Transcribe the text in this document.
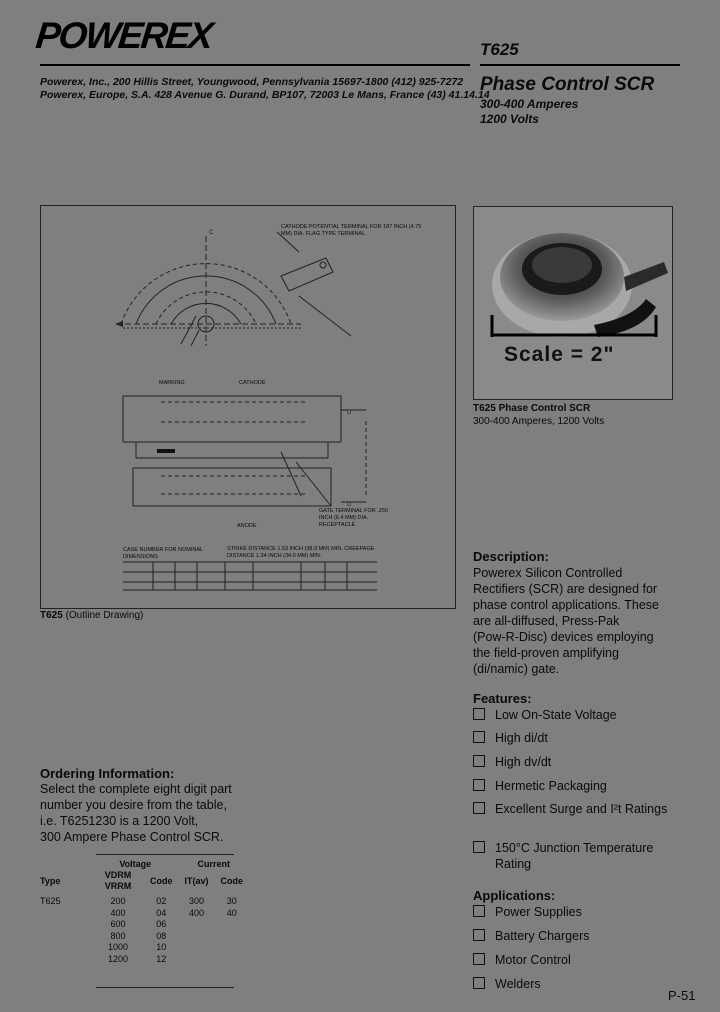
POWEREX	T625
Powerex, Inc., 200 Hillis Street, Youngwood, Pennsylvania 15697-1800 (412) 925-7272
Powerex, Europe, S.A. 428 Avenue G. Durand, BP107, 72003 Le Mans, France (43) 41.14.14
Phase Control SCR
300-400 Amperes
1200 Volts
C
D
D
CATHODE POTENTIAL TERMINAL FOR 187 INCH (4.75 MM) DIA. FLAG TYPE TERMINAL
GATE TERMINAL FOR .250 INCH (6.4 MM) DIA. RECEPTACLE
MARKING	CATHODE
ANODE
CASE NUMBER FOR NOMINAL DIMENSIONS
STRIKE DISTANCE 1.53 INCH (38.9 MM) MIN. CREEPAGE DISTANCE 1.34 INCH (34.0 MM) MIN.
T625 (Outline Drawing)
Scale = 2"
T625 Phase Control SCR
300-400 Amperes, 1200 Volts
Description:
Powerex Silicon Controlled
Rectifiers (SCR) are designed for
phase control applications. These
are all-diffused, Press-Pak
(Pow-R-Disc) devices employing
the field-proven amplifying
(di/namic) gate.
Features:
Low On-State Voltage
High di/dt
High dv/dt
Hermetic Packaging
Excellent Surge and I²t Ratings
150°C Junction Temperature Rating
Applications:
Power Supplies
Battery Chargers
Motor Control
Welders
Ordering Information:
Select the complete eight digit part
number you desire from the table,
i.e. T6251230 is a 1200 Volt,
300 Ampere Phase Control SCR.
	Voltage		Current	
Type	VDRM VRRM	Code	IT(av)	Code

T625	200	02	300	30
	400	04	400	40
	600	06		
	800	08		
	1000	10		
	1200	12		
P-51
